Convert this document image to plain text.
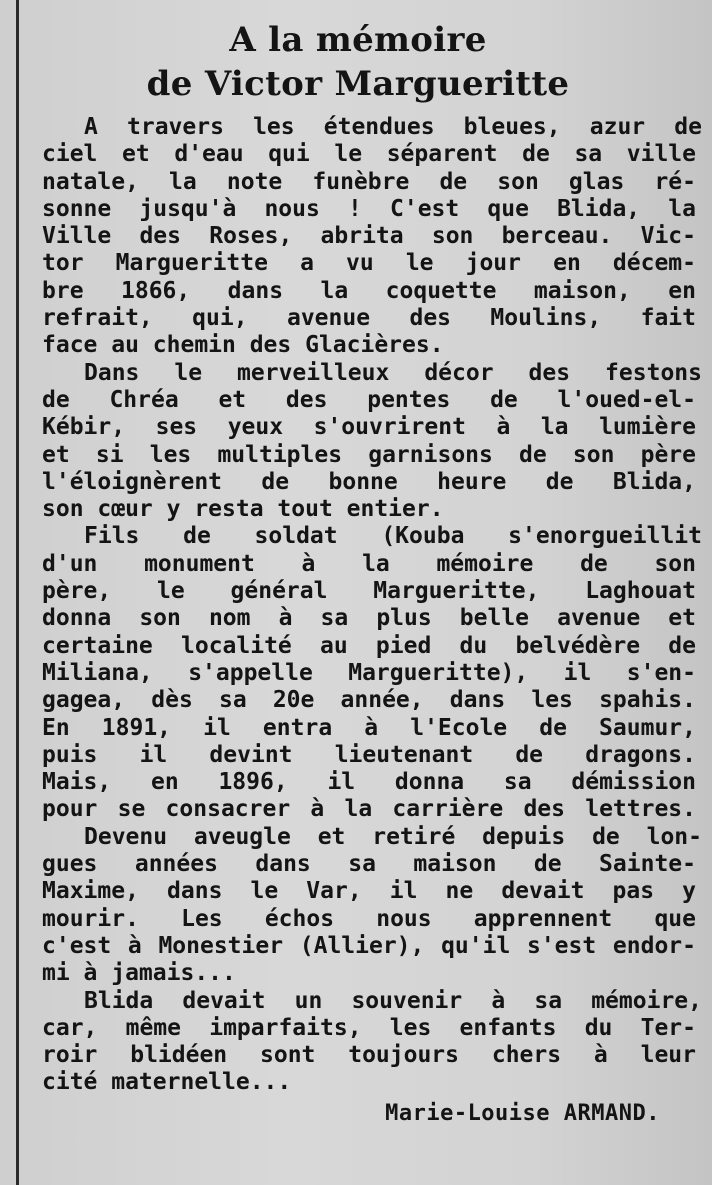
A la mémoire
de Victor Margueritte

A travers les étendues bleues, azur de
ciel et d'eau qui le séparent de sa ville
natale, la note funèbre de son glas ré-
sonne jusqu'à nous ! C'est que Blida, la
Ville des Roses, abrita son berceau. Vic-
tor Margueritte a vu le jour en décem-
bre 1866, dans la coquette maison, en
refrait, qui, avenue des Moulins, fait
face au chemin des Glacières.

Dans le merveilleux décor des festons
de Chréa et des pentes de l'oued-el-
Kébir, ses yeux s'ouvrirent à la lumière
et si les multiples garnisons de son père
l'éloignèrent de bonne heure de Blida,
son cœur y resta tout entier.

Fils de soldat (Kouba s'enorgueillit
d'un monument à la mémoire de son
père, le général Margueritte, Laghouat
donna son nom à sa plus belle avenue et
certaine localité au pied du belvédère de
Miliana, s'appelle Margueritte), il s'en-
gagea, dès sa 20e année, dans les spahis.
En 1891, il entra à l'Ecole de Saumur,
puis il devint lieutenant de dragons.
Mais, en 1896, il donna sa démission
pour se consacrer à la carrière des lettres.

Devenu aveugle et retiré depuis de lon-
gues années dans sa maison de Sainte-
Maxime, dans le Var, il ne devait pas y
mourir. Les échos nous apprennent que
c'est à Monestier (Allier), qu'il s'est endor-
mi à jamais...

Blida devait un souvenir à sa mémoire,
car, même imparfaits, les enfants du Ter-
roir blidéen sont toujours chers à leur
cité maternelle...

Marie-Louise ARMAND.
